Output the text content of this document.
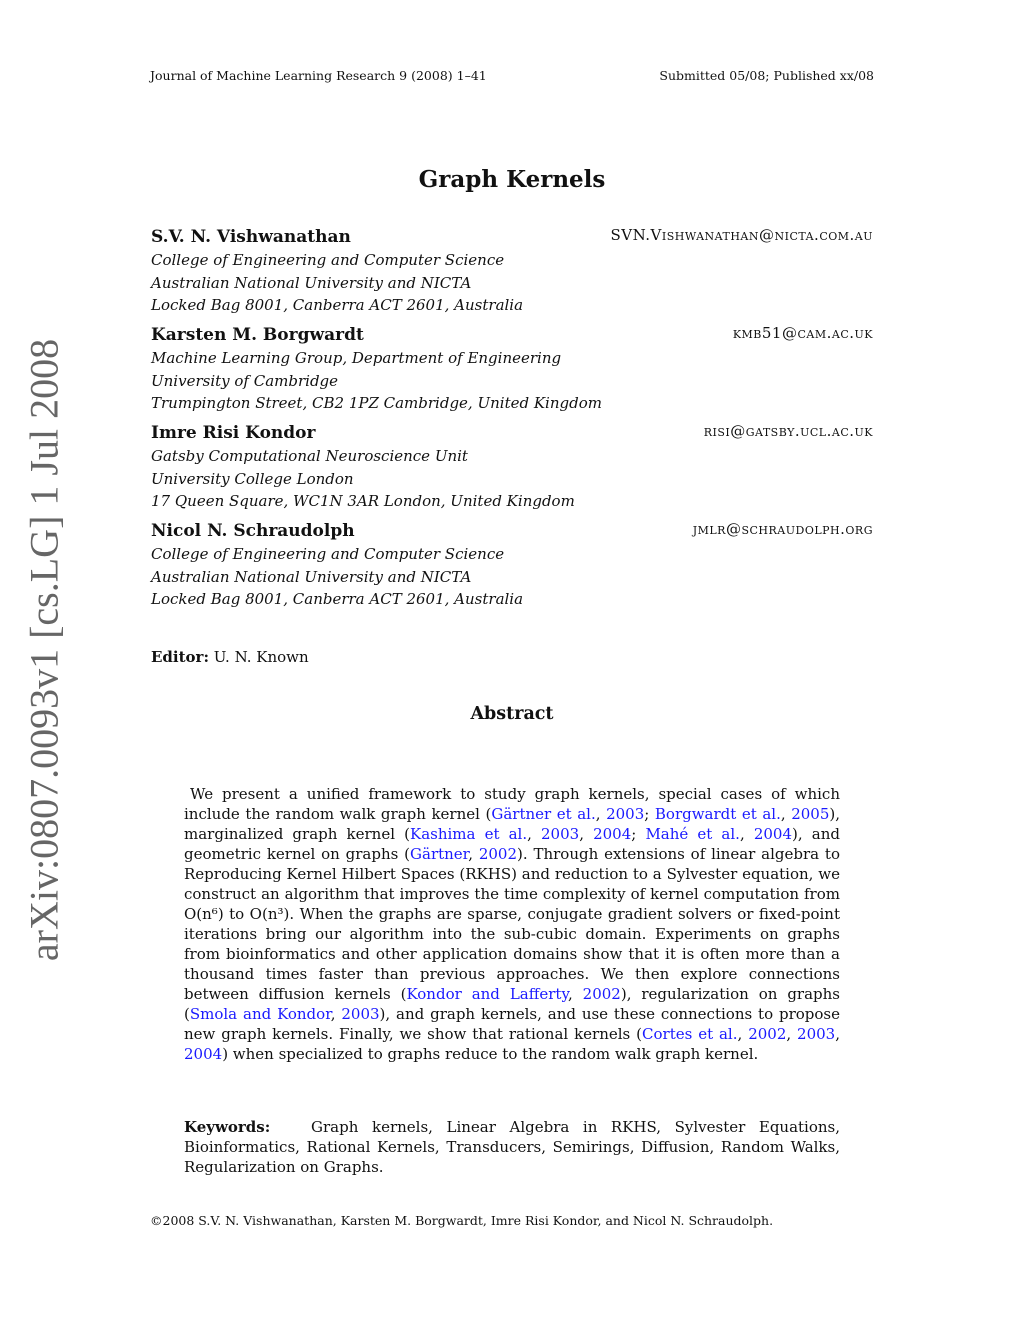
Journal of Machine Learning Research 9 (2008) 1–41	Submitted 05/08; Published xx/08
Graph Kernels
S.V. N. Vishwanathan	SVN.Vishwanathan@nicta.com.au
College of Engineering and Computer Science
Australian National University and NICTA
Locked Bag 8001, Canberra ACT 2601, Australia
Karsten M. Borgwardt	kmb51@cam.ac.uk
Machine Learning Group, Department of Engineering
University of Cambridge
Trumpington Street, CB2 1PZ Cambridge, United Kingdom
Imre Risi Kondor	risi@gatsby.ucl.ac.uk
Gatsby Computational Neuroscience Unit
University College London
17 Queen Square, WC1N 3AR London, United Kingdom
Nicol N. Schraudolph	jmlr@schraudolph.org
College of Engineering and Computer Science
Australian National University and NICTA
Locked Bag 8001, Canberra ACT 2601, Australia
Editor: U. N. Known
Abstract

We present a unified framework to study graph kernels, special cases of which include the random walk graph kernel (Gärtner et al., 2003; Borgwardt et al., 2005), marginalized graph kernel (Kashima et al., 2003, 2004; Mahé et al., 2004), and geometric kernel on graphs (Gärtner, 2002). Through extensions of linear algebra to Reproducing Kernel Hilbert Spaces (RKHS) and reduction to a Sylvester equation, we construct an algorithm that improves the time complexity of kernel computation from O(n⁶) to O(n³). When the graphs are sparse, conjugate gradient solvers or fixed-point iterations bring our algorithm into the sub-cubic domain. Experiments on graphs from bioinformatics and other application domains show that it is often more than a thousand times faster than previous approaches. We then explore connections between diffusion kernels (Kondor and Lafferty, 2002), regularization on graphs (Smola and Kondor, 2003), and graph kernels, and use these connections to propose new graph kernels. Finally, we show that rational kernels (Cortes et al., 2002, 2003, 2004) when specialized to graphs reduce to the random walk graph kernel.

Keywords:	Graph kernels, Linear Algebra in RKHS, Sylvester Equations, Bioinformatics, Rational Kernels, Transducers, Semirings, Diffusion, Random Walks, Regularization on Graphs.

©2008 S.V. N. Vishwanathan, Karsten M. Borgwardt, Imre Risi Kondor, and Nicol N. Schraudolph.
arXiv:0807.0093v1 [cs.LG] 1 Jul 2008
